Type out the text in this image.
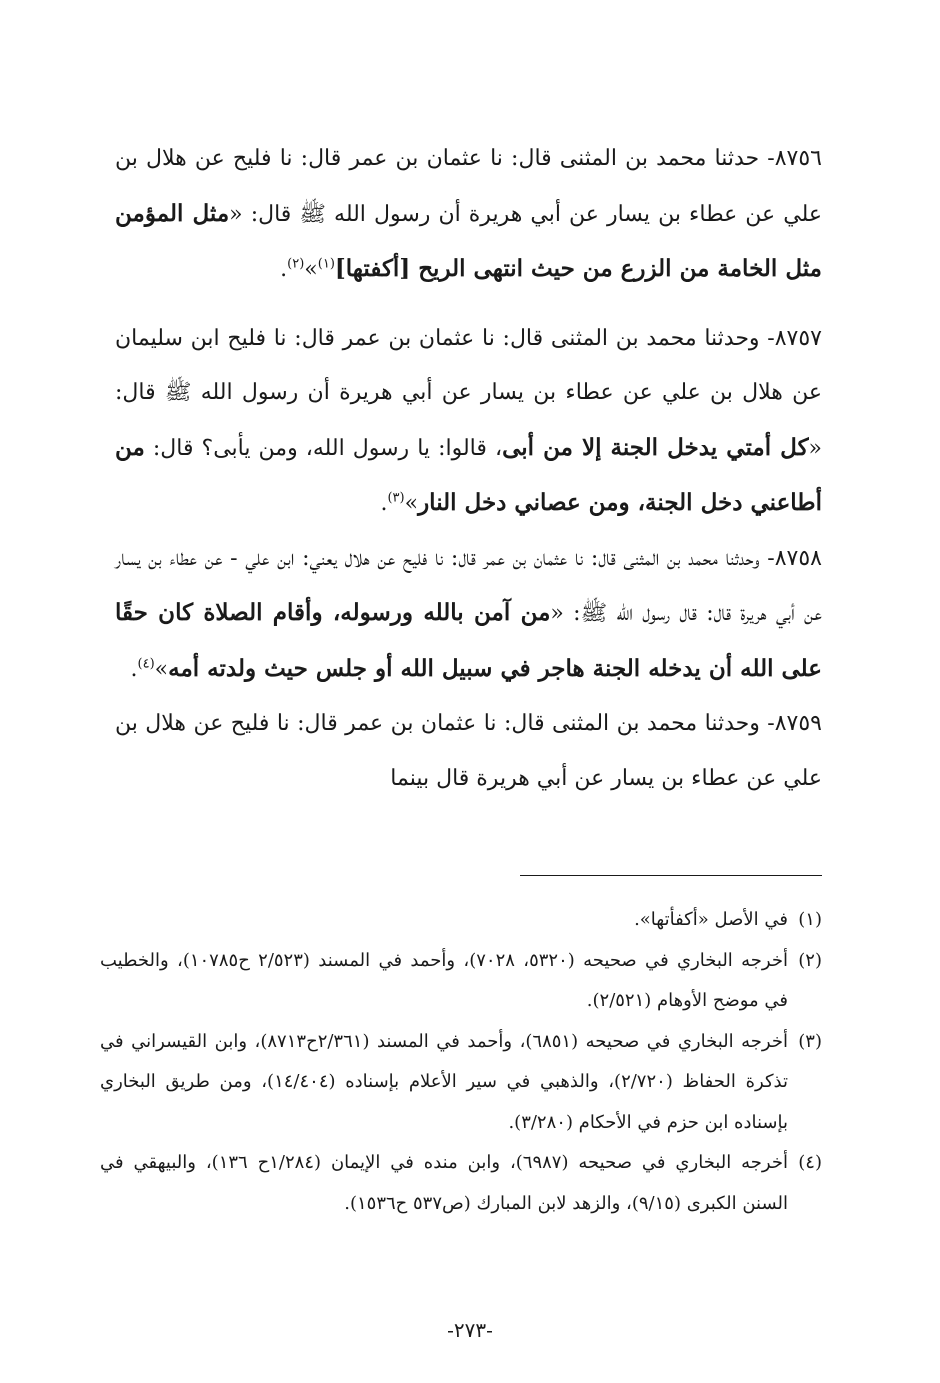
٨٧٥٦- حدثنا محمد بن المثنى قال: نا عثمان بن عمر قال: نا فليح عن هلال بن علي عن عطاء بن يسار عن أبي هريرة أن رسول الله ﷺ قال: «مثل المؤمن مثل الخامة من الزرع من حيث انتهى الريح [أكفتها]$^{(١)}$»$^{(٢)}$.

٨٧٥٧- وحدثنا محمد بن المثنى قال: نا عثمان بن عمر قال: نا فليح ابن سليمان عن هلال بن علي عن عطاء بن يسار عن أبي هريرة أن رسول الله ﷺ قال: «كل أمتي يدخل الجنة إلا من أبى، قالوا: يا رسول الله، ومن يأبى؟ قال: من أطاعني دخل الجنة، ومن عصاني دخل النار»$^{(٣)}$.

٨٧٥٨- وحدثنا محمد بن المثنى قال: نا عثمان بن عمر قال: نا فليح عن هلال يعني: ابن علي - عن عطاء بن يسار عن أبي هريرة قال: قال رسول الله ﷺ: «من آمن بالله ورسوله، وأقام الصلاة كان حقًا على الله أن يدخله الجنة هاجر في سبيل الله أو جلس حيث ولدته أمه»$^{(٤)}$.

٨٧٥٩- وحدثنا محمد بن المثنى قال: نا عثمان بن عمر قال: نا فليح عن هلال بن علي عن عطاء بن يسار عن أبي هريرة قال بينما

(١)
في الأصل «أكفأتها».

(٢)
أخرجه البخاري في صحيحه (٥٣٢٠، ٧٠٢٨)، وأحمد في المسند (٢/٥٢٣ ح١٠٧٨٥)، والخطيب في موضح الأوهام (٢/٥٢١).

(٣)
أخرجه البخاري في صحيحه (٦٨٥١)، وأحمد في المسند (٢/٣٦١ح٨٧١٣)، وابن القيسراني في تذكرة الحفاظ (٢/٧٢٠)، والذهبي في سير الأعلام بإسناده (١٤/٤٠٤)، ومن طريق البخاري بإسناده ابن حزم في الأحكام (٣/٢٨٠).

(٤)
أخرجه البخاري في صحيحه (٦٩٨٧)، وابن منده في الإيمان (١/٢٨٤ح ١٣٦)، والبيهقي في السنن الكبرى (٩/١٥)، والزهد لابن المبارك (ص٥٣٧ ح١٥٣٦).

-٢٧٣-
